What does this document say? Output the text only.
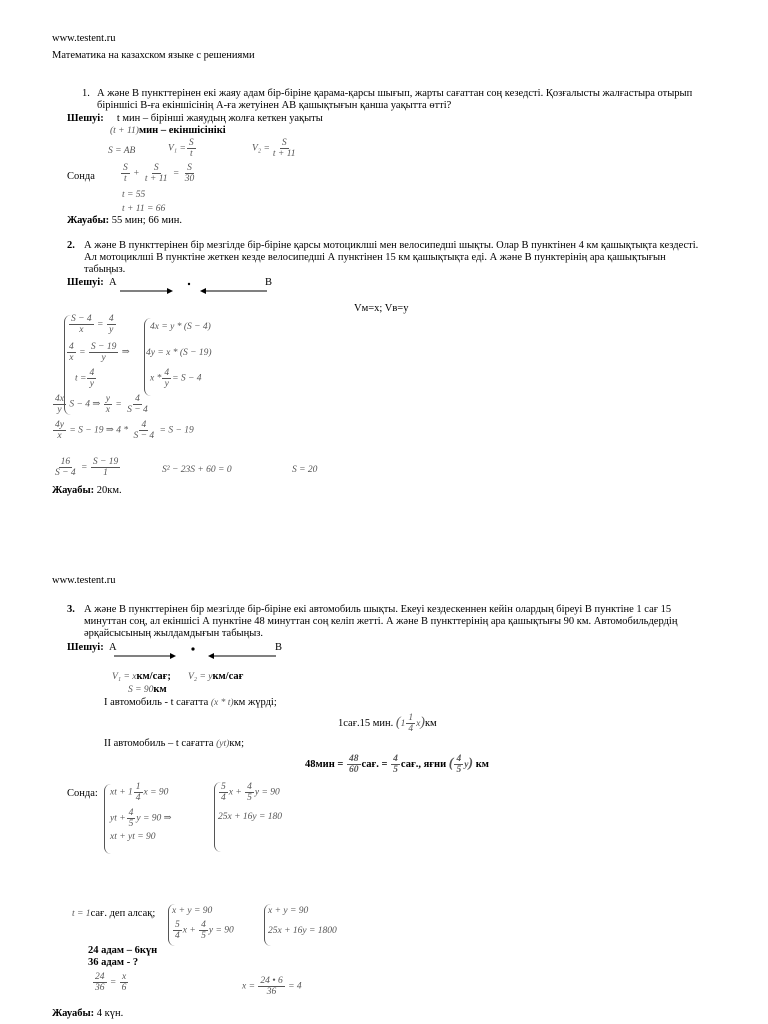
www.testent.ru
Математика на казахском языке с решениями
1. А және В пункттерінен екі жаяу адам бір-біріне қарама-қарсы шығып, жарты сағаттан соң кезедсті. Қозғалысты жалғастыра отырып біріншісі В-ға екіншісінің А-ға жетуінен АВ қашықтығын қанша уақытта өтті?
Шешуі: t мин – бірінші жаяудың жолға кеткен уақыты
(t + 11)мин – екіншісінікі
S = AB	$V_1 = \frac{S}{t}$	$V_2 = \frac{S}{t + 11}$
Сонда	$\frac{S}{t} + \frac{S}{t + 11} = \frac{S}{30}$
t = 55
t + 11 = 66
Жауабы: 55 мин; 66 мин.
2. А және В пункттерінен бір мезгілде бір-біріне қарсы мотоциклші мен велосипедші шықты. Олар В пунктінен 4 км қашықтықта кездесті. Ал мотоциклші В пунктіне жеткен кезде велосипедші А пунктінен 15 км қашықтықта еді. А және В пунктерінің ара қашықтығын табыңыз.
Шешуі: А	В
Vм=x; Vв=y
$\frac{S - 4}{x} = \frac{4}{y}$
$\frac{4}{x} = \frac{S - 19}{y}$ ⇒
$t = \frac{4}{y}$
$\frac{4x}{y}$ S − 4 ⇒ $\frac{y}{x} = \frac{4}{S - 4}$
4x = y * (S − 4)
4y = x * (S − 19)
$x * \frac{4}{y} = S - 4$
$\frac{4y}{x} = S - 19$ ⇒ $4 * \frac{4}{S - 4} = S - 19$
$\frac{16}{S - 4} = \frac{S - 19}{1}$	S² − 23S + 60 = 0	S = 20
Жауабы: 20км.
www.testent.ru
3. А және В пункттерінен бір мезгілде бір-біріне екі автомобиль шықты. Екеуі кездескеннен кейін олардың біреуі В пунктіне 1 сағ 15 минуттан соң, ал екіншісі А пунктіне 48 минуттан соң келіп жетті. А және В пункттерінің ара қашықтығы 90 км. Автомобильдердің әрқайсысының жылдамдығын табыңыз.
Шешуі: А	В
V₁ = xкм/сағ; V₂ = yкм/сағ
S = 90км
I автомобиль - t сағатта (x * t)км жүрді;
1сағ.15 мин. $(1 \frac{1}{4} x)км$
II автомобиль – t сағатта (yt)км;
$48мин = \frac{48}{60}$ сағ. = $\frac{4}{5}$ сағ., яғни ( $\frac{4}{5} y$) км
Сонда: xt + $1 \frac{1}{4}$ x = 90
yt + $\frac{4}{5}$ y = 90 ⇒
xt + yt = 90
$\frac{5}{4}$ $x + \frac{4}{5}$ y = 90
25x + 16y = 180
t = 1сағ. деп алсақ; x + y = 90
$\frac{5}{4}$ $x + \frac{4}{5}$ y = 90
x + y = 90
25x + 16y = 1800
24 адам – 6күн
36 адам - ?
$\frac{24}{36} = \frac{x}{6}$	$x = \frac{24 • 6}{36} = 4$
Жауабы: 4 күн.
